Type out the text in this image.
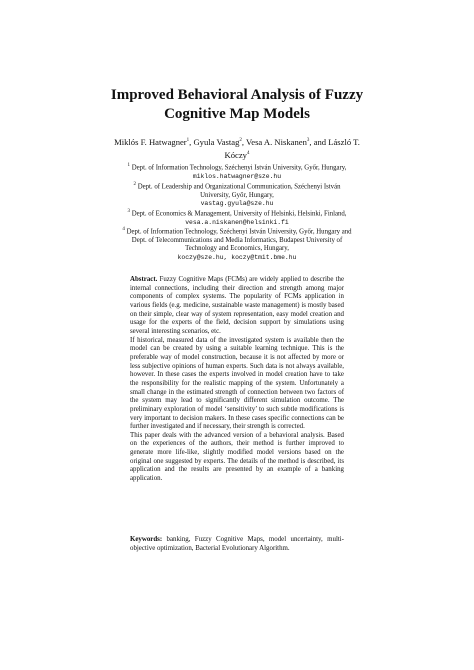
Improved Behavioral Analysis of Fuzzy
Cognitive Map Models
Miklós F. Hatwagner$^1$, Gyula Vastag$^2$, Vesa A. Niskanen$^3$, and László T.
Kóczy$^4$
$^1$ Dept. of Information Technology, Széchenyi István University, Győr, Hungary,
miklos.hatwagner@sze.hu
$^2$ Dept. of Leadership and Organizational Communication, Széchenyi István
University, Győr, Hungary,
vastag.gyula@sze.hu
$^3$ Dept. of Economics & Management, University of Helsinki, Helsinki, Finland,
vesa.a.niskanen@helsinki.fi
$^4$ Dept. of Information Technology, Széchenyi István University, Győr, Hungary and
Dept. of Telecommunications and Media Informatics, Budapest University of
Technology and Economics, Hungary,
koczy@sze.hu, koczy@tmit.bme.hu

Abstract. Fuzzy Cognitive Maps (FCMs) are widely applied to describe the internal connections, including their direction and strength among major components of complex systems. The popularity of FCMs application in various fields (e.g. medicine, sustainable waste management) is mostly based on their simple, clear way of system representation, easy model creation and usage for the experts of the field, decision support by simulations using several interesting scenarios, etc.

If historical, measured data of the investigated system is available then the model can be created by using a suitable learning technique. This is the preferable way of model construction, because it is not affected by more or less subjective opinions of human experts. Such data is not always available, however. In these cases the experts involved in model creation have to take the responsibility for the realistic mapping of the system. Unfortunately a small change in the estimated strength of connection between two factors of the system may lead to significantly different simulation outcome. The preliminary exploration of model ‘sensitivity’ to such subtle modifications is very important to decision makers. In these cases specific connections can be further investigated and if necessary, their strength is corrected.

This paper deals with the advanced version of a behavioral analysis. Based on the experiences of the authors, their method is further improved to generate more life-like, slightly modified model versions based on the original one suggested by experts. The details of the method is described, its application and the results are presented by an example of a banking application.

Keywords: banking, Fuzzy Cognitive Maps, model uncertainty, multi-objective optimization, Bacterial Evolutionary Algorithm.
